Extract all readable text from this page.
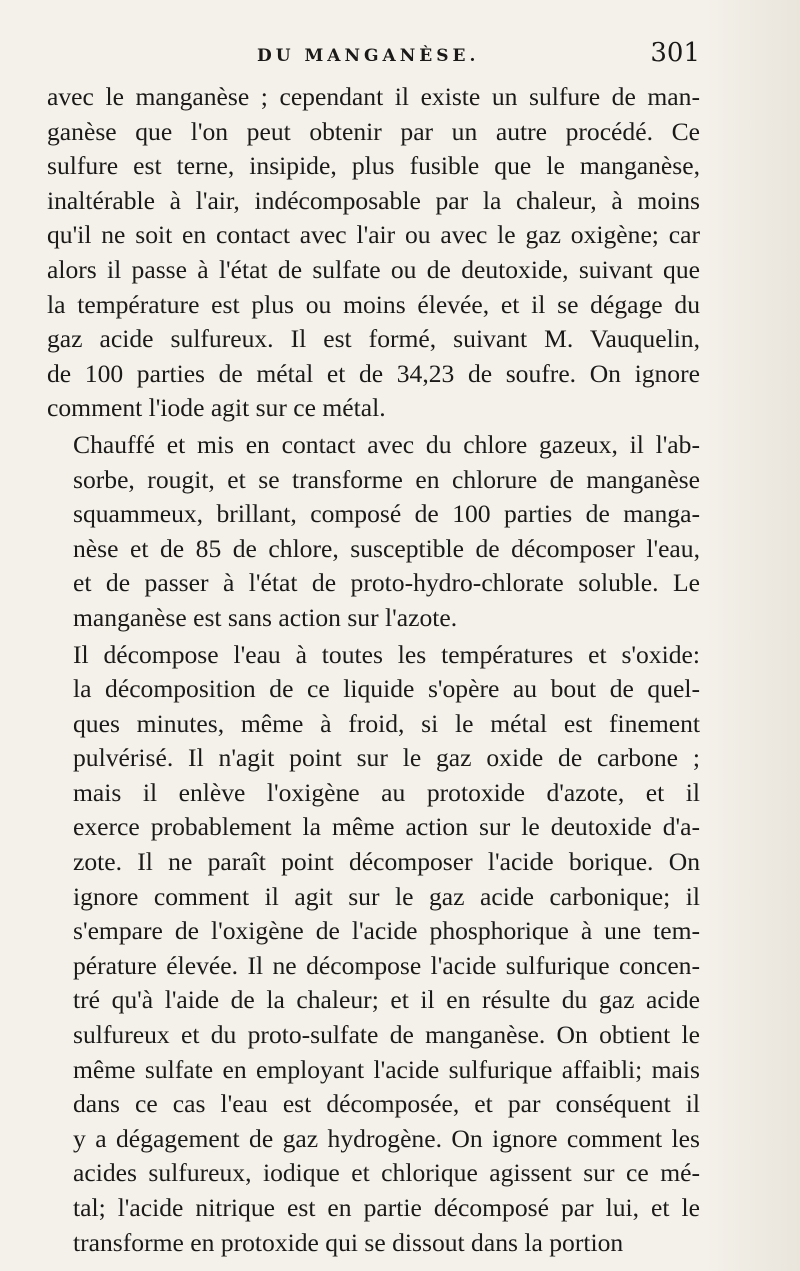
DU MANGANÈSE.	301

avec le manganèse ; cependant il existe un sulfure de man-
ganèse que l'on peut obtenir par un autre procédé. Ce
sulfure est terne, insipide, plus fusible que le manganèse,
inaltérable à l'air, indécomposable par la chaleur, à moins
qu'il ne soit en contact avec l'air ou avec le gaz oxigène; car
alors il passe à l'état de sulfate ou de deutoxide, suivant que
la température est plus ou moins élevée, et il se dégage du
gaz acide sulfureux. Il est formé, suivant M. Vauquelin,
de 100 parties de métal et de 34,23 de soufre. On ignore
comment l'iode agit sur ce métal.

Chauffé et mis en contact avec du chlore gazeux, il l'ab-
sorbe, rougit, et se transforme en chlorure de manganèse
squammeux, brillant, composé de 100 parties de manga-
nèse et de 85 de chlore, susceptible de décomposer l'eau,
et de passer à l'état de proto-hydro-chlorate soluble. Le
manganèse est sans action sur l'azote.

Il décompose l'eau à toutes les températures et s'oxide:
la décomposition de ce liquide s'opère au bout de quel-
ques minutes, même à froid, si le métal est finement
pulvérisé. Il n'agit point sur le gaz oxide de carbone ;
mais il enlève l'oxigène au protoxide d'azote, et il
exerce probablement la même action sur le deutoxide d'a-
zote. Il ne paraît point décomposer l'acide borique. On
ignore comment il agit sur le gaz acide carbonique; il
s'empare de l'oxigène de l'acide phosphorique à une tem-
pérature élevée. Il ne décompose l'acide sulfurique concen-
tré qu'à l'aide de la chaleur; et il en résulte du gaz acide
sulfureux et du proto-sulfate de manganèse. On obtient le
même sulfate en employant l'acide sulfurique affaibli; mais
dans ce cas l'eau est décomposée, et par conséquent il
y a dégagement de gaz hydrogène. On ignore comment les
acides sulfureux, iodique et chlorique agissent sur ce mé-
tal; l'acide nitrique est en partie décomposé par lui, et le
transforme en protoxide qui se dissout dans la portion
